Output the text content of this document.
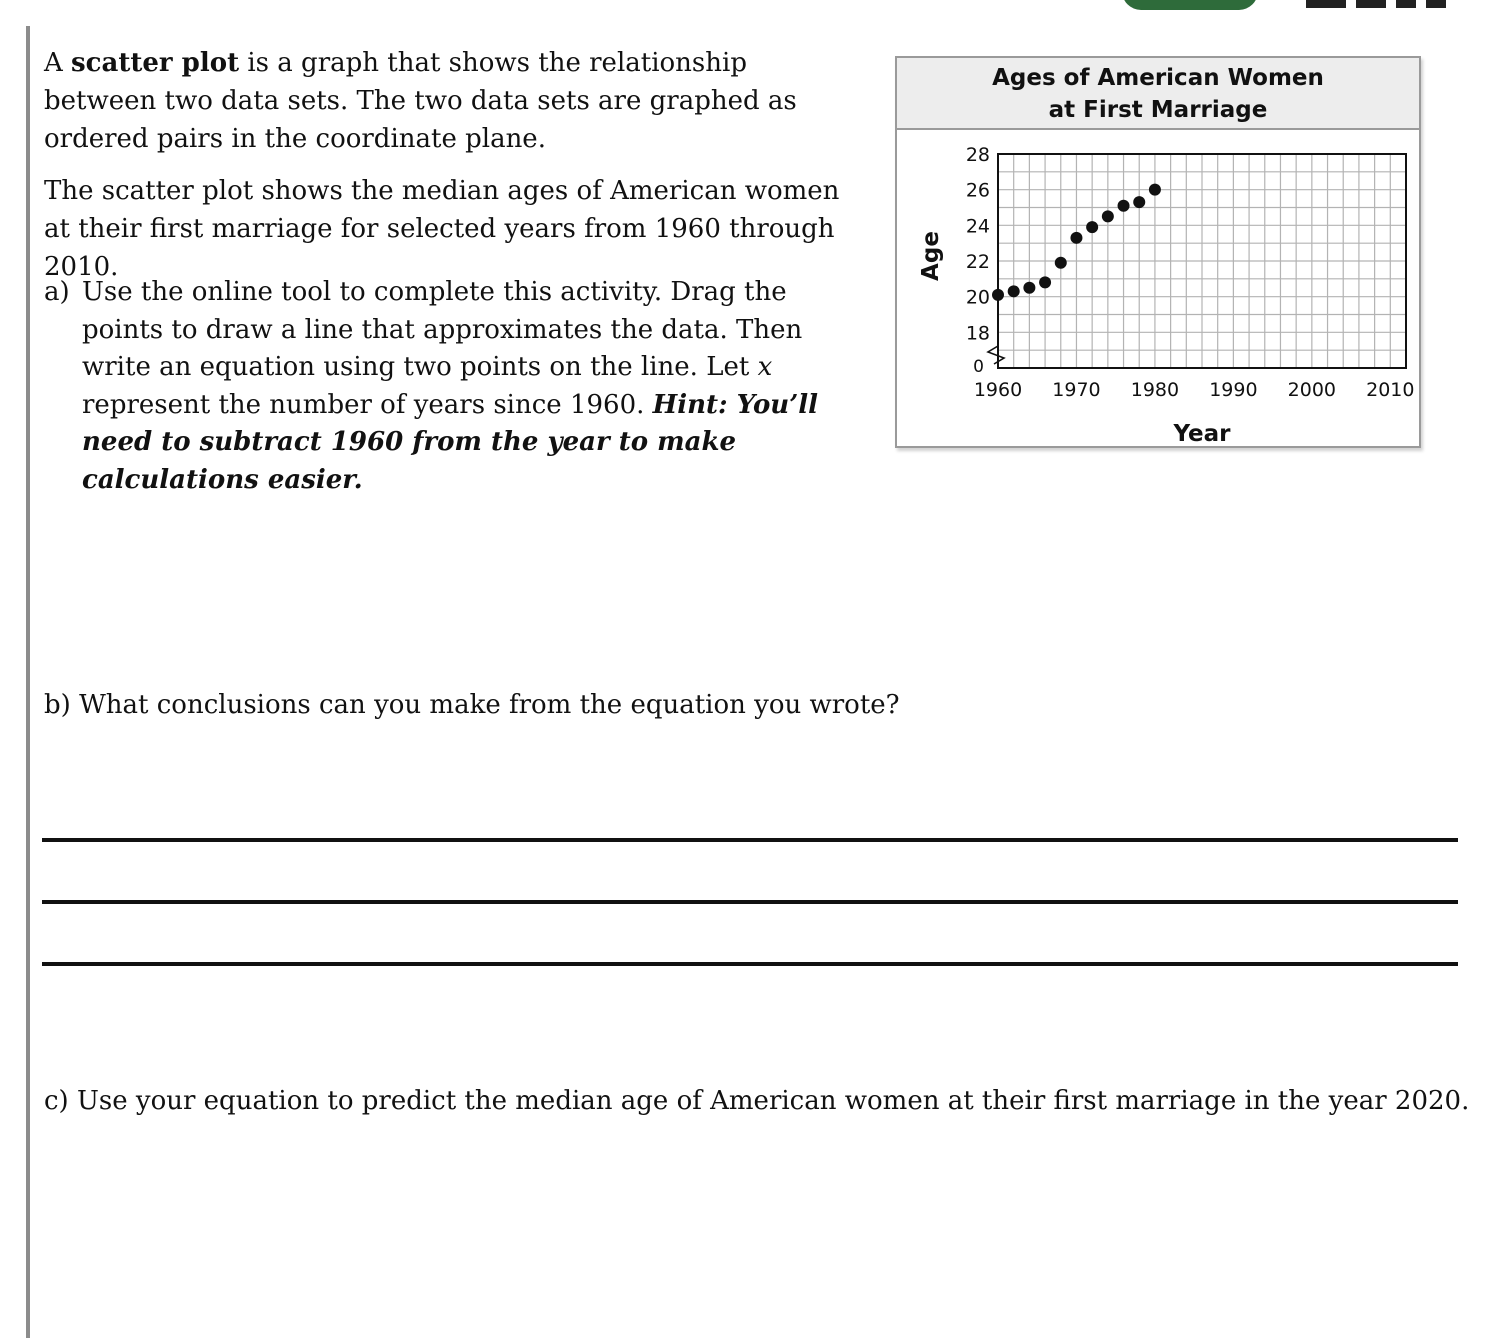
A scatter plot is a graph that shows the relationship between two data sets. The two data sets are graphed as ordered pairs in the coordinate plane.

The scatter plot shows the median ages of American women at their first marriage for selected years from 1960 through 2010.

a) Use the online tool to complete this activity. Drag the points to draw a line that approximates the data. Then write an equation using two points on the line. Let x represent the number of years since 1960. Hint: You’ll need to subtract 1960 from the year to make calculations easier.
b) What conclusions can you make from the equation you wrote?
c) Use your equation to predict the median age of American women at their first marriage in the year 2020.
Ages of American Women
at First Marriage
18
20
22
24
26
28
0
1960 1970 1980 1990 2000 2010
Year
Age
